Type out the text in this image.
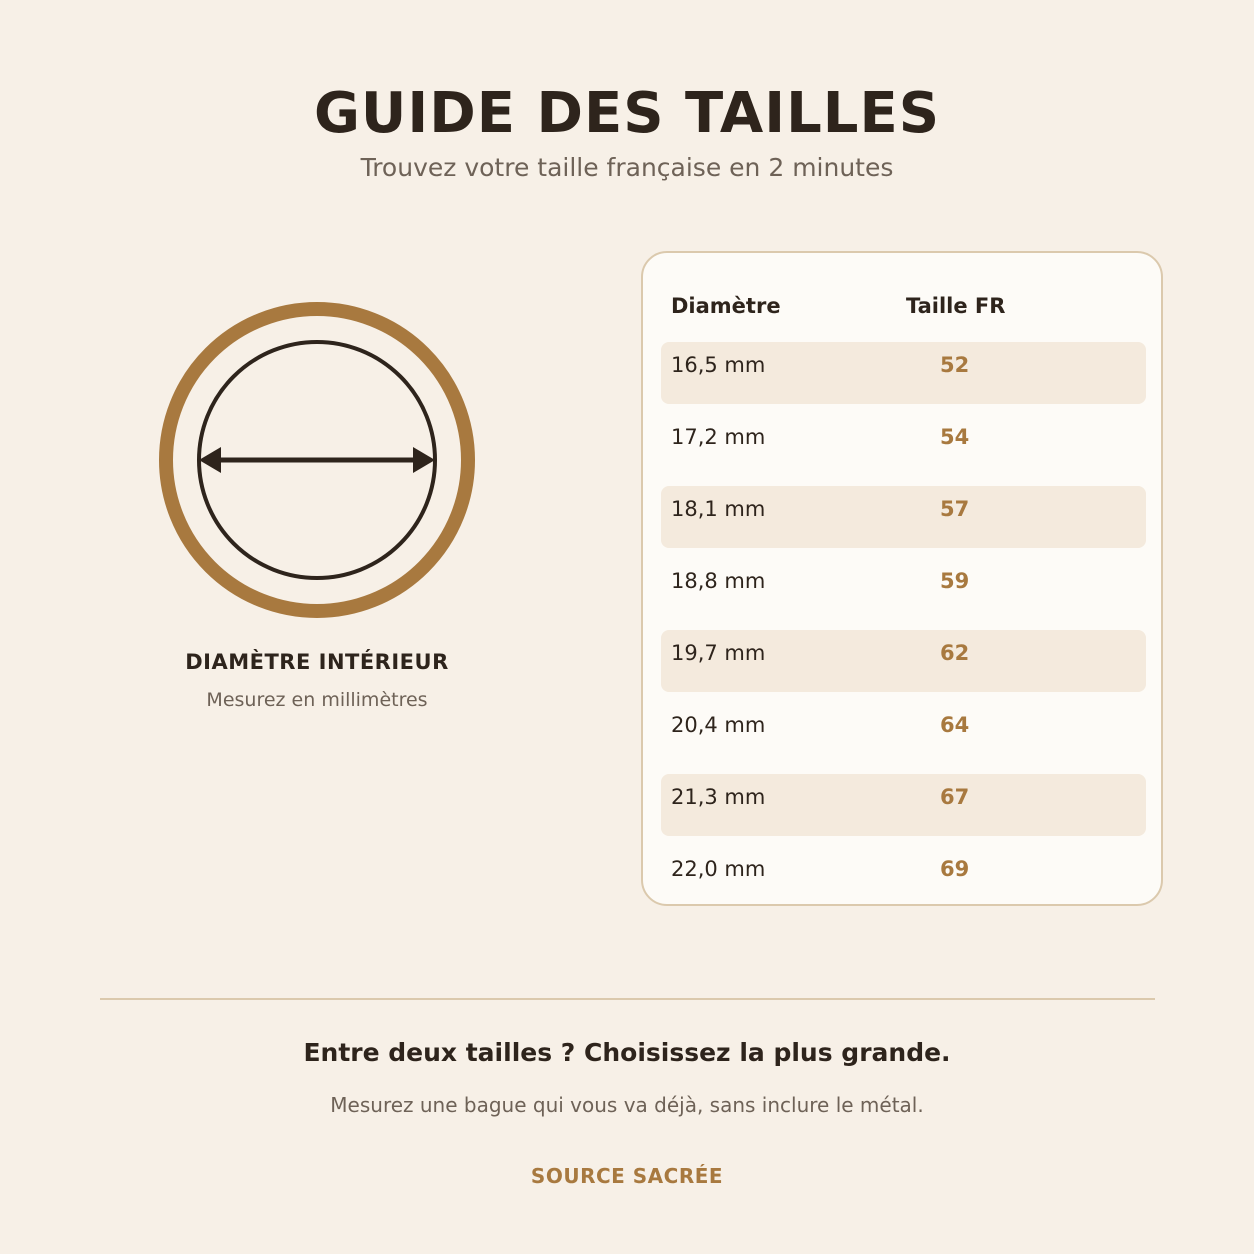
GUIDE DES TAILLES
Trouvez votre taille française en 2 minutes
DIAMÈTRE INTÉRIEUR
Mesurez en millimètres
Diamètre	Taille FR
16,5 mm	52
17,2 mm	54
18,1 mm	57
18,8 mm	59
19,7 mm	62
20,4 mm	64
21,3 mm	67
22,0 mm	69
Entre deux tailles ? Choisissez la plus grande.
Mesurez une bague qui vous va déjà, sans inclure le métal.
SOURCE SACRÉE
